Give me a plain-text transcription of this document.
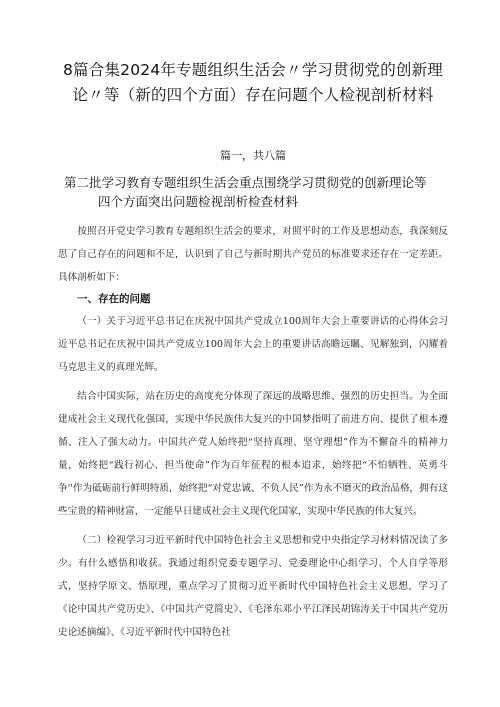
8篇合集2024年专题组织生活会〃学习贯彻党的创新理论〃等（新的四个方面）存在问题个人检视剖析材料
篇一，共八篇
第二批学习教育专题组织生活会重点围绕学习贯彻党的创新理论等
四个方面突出问题检视剖析检查材料

按照召开党史学习教育专题组织生活会的要求，对照平时的工作及思想动态，我深刻反思了自己存在的问题和不足，认识到了自己与新时期共产党员的标准要求还存在一定差距。具体剖析如下：

一、存在的问题

（一）关于习近平总书记在庆祝中国共产党成立100周年大会上重要讲话的心得体会习近平总书记在庆祝中国共产党成立100周年大会上的重要讲话高瞻远瞩、见解独到，闪耀着马克思主义的真理光辉。

结合中国实际，站在历史的高度充分体现了深远的战略思维、强烈的历史担当。为全面建成社会主义现代化强国，实现中华民族伟大复兴的中国梦指明了前进方向、提供了根本遵循、注入了强大动力。中国共产党人始终把“坚持真理、坚守理想”作为不懈奋斗的精神力量，始终把“践行初心、担当使命”作为百年征程的根本追求，始终把“不怕牺牲、英勇斗争''作为砥砺前行鲜明特质，始终把“对党忠诚、不负人民”作为永不磨灭的政治品格，拥有这些宝贵的精神财富，一定能早日建成社会主义现代化国家，实现中华民族的伟大复兴。

（二）检视学习习近平新时代中国特色社会主义思想和党中央指定学习材料情况读了多少。有什么感悟和收获。我通过组织党委专题学习、党委理论中心组学习、个人自学等形式，坚持学原文、悟原理，重点学习了贯彻习近平新时代中国特色社会主义思想，学习了《论中国共产党历史》、《中国共产党简史》、《毛泽东邓小平江泽民胡锦涛关于中国共产党历史论述摘编》、《习近平新时代中国特色社
